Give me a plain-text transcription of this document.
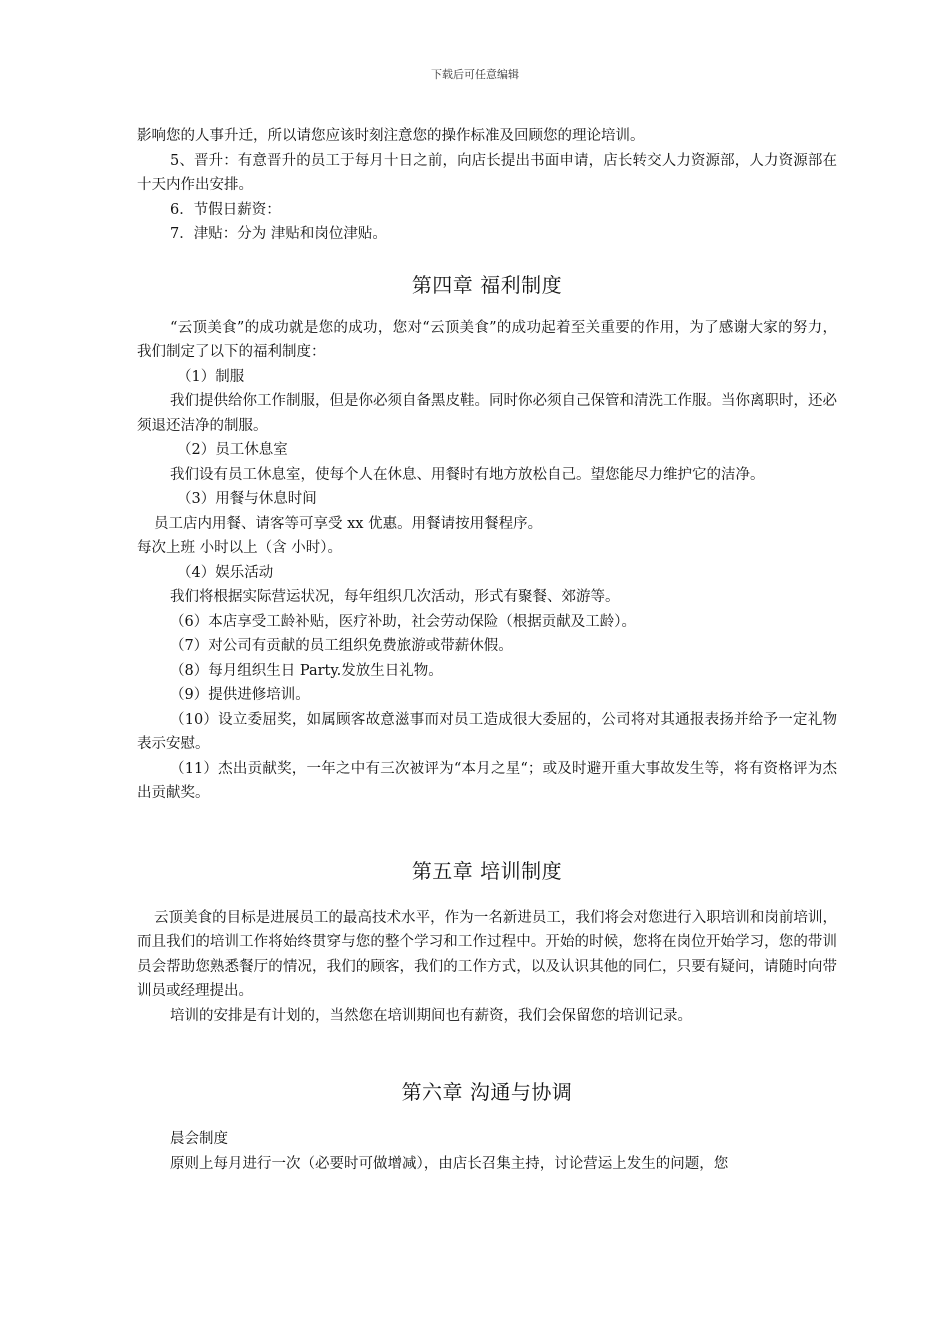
下载后可任意编辑

影响您的人事升迁，所以请您应该时刻注意您的操作标准及回顾您的理论培训。

5、晋升：有意晋升的员工于每月十日之前，向店长提出书面申请，店长转交人力资源部，人力资源部在十天内作出安排。

6．节假日薪资：

7．津贴：分为 津贴和岗位津贴。

第四章 福利制度

“云顶美食”的成功就是您的成功，您对“云顶美食”的成功起着至关重要的作用，为了感谢大家的努力，我们制定了以下的福利制度：

（1）制服

我们提供给你工作制服，但是你必须自备黑皮鞋。同时你必须自己保管和清洗工作服。当你离职时，还必须退还洁净的制服。

（2）员工休息室

我们设有员工休息室，使每个人在休息、用餐时有地方放松自己。望您能尽力维护它的洁净。

（3）用餐与休息时间

员工店内用餐、请客等可享受 xx 优惠。用餐请按用餐程序。

每次上班 小时以上（含 小时）。

（4）娱乐活动

我们将根据实际营运状况，每年组织几次活动，形式有聚餐、郊游等。

（6）本店享受工龄补贴，医疗补助，社会劳动保险（根据贡献及工龄）。

（7）对公司有贡献的员工组织免费旅游或带薪休假。

（8）每月组织生日 Party.发放生日礼物。

（9）提供进修培训。

（10）设立委屈奖，如属顾客故意滋事而对员工造成很大委屈的，公司将对其通报表扬并给予一定礼物表示安慰。

（11）杰出贡献奖，一年之中有三次被评为“本月之星“；或及时避开重大事故发生等，将有资格评为杰出贡献奖。

第五章 培训制度

云顶美食的目标是进展员工的最高技术水平，作为一名新进员工，我们将会对您进行入职培训和岗前培训，而且我们的培训工作将始终贯穿与您的整个学习和工作过程中。开始的时候，您将在岗位开始学习，您的带训员会帮助您熟悉餐厅的情况，我们的顾客，我们的工作方式，以及认识其他的同仁，只要有疑问，请随时向带训员或经理提出。

培训的安排是有计划的，当然您在培训期间也有薪资，我们会保留您的培训记录。

第六章 沟通与协调

晨会制度

原则上每月进行一次（必要时可做增减），由店长召集主持，讨论营运上发生的问题，您
